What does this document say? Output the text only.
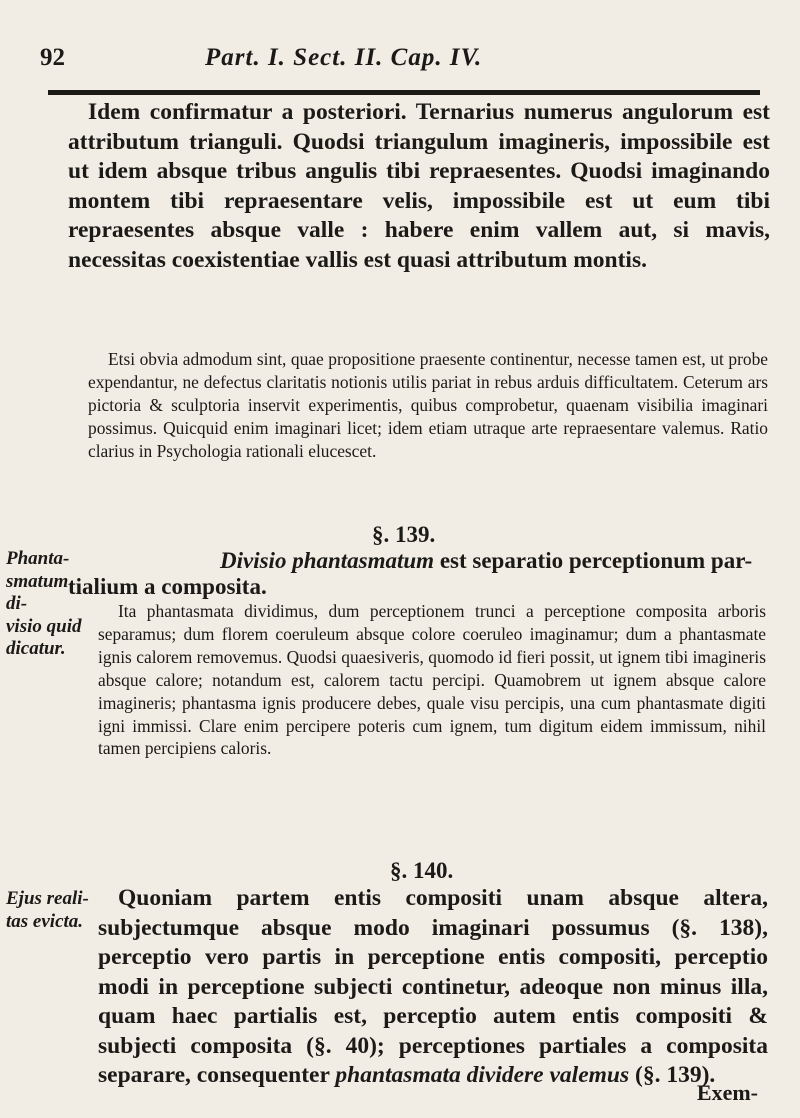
92	Part. I. Sect. II. Cap. IV.

Idem confirmatur a posteriori. Ternarius numerus angulorum est attributum trianguli. Quodsi triangulum imagineris, impossibile est ut idem absque tribus angulis tibi repraesentes. Quodsi imaginando montem tibi repraesentare velis, impossibile est ut eum tibi repraesentes absque valle : habere enim vallem aut, si mavis, necessitas coexistentiae vallis est quasi attributum montis.

Etsi obvia admodum sint, quae propositione praesente continentur, necesse tamen est, ut probe expendantur, ne defectus claritatis notionis utilis pariat in rebus arduis difficultatem. Ceterum ars pictoria & sculptoria inservit experimentis, quibus comprobetur, quaenam visibilia imaginari possimus. Quicquid enim imaginari licet; idem etiam utraque arte repraesentare valemus. Ratio clarius in Psychologia rationali elucescet.

§. 139.
Phanta-
smatum di-
visio quid
dicatur.
Divisio phantasmatum est separatio perceptionum par-
tialium a composita.

Ita phantasmata dividimus, dum perceptionem trunci a perceptione composita arboris separamus; dum florem coeruleum absque colore coeruleo imaginamur; dum a phantasmate ignis calorem removemus. Quodsi quaesiveris, quomodo id fieri possit, ut ignem tibi imagineris absque calore; notandum est, calorem tactu percipi. Quamobrem ut ignem absque calore imagineris; phantasma ignis producere debes, quale visu percipis, una cum phantasmate digiti igni immissi. Clare enim percipere poteris cum ignem, tum digitum eidem immissum, nihil tamen percipiens caloris.

§. 140.
Ejus reali-
tas evicta.

Quoniam partem entis compositi unam absque altera, subjectumque absque modo imaginari possumus (§. 138), perceptio vero partis in perceptione entis compositi, perceptio modi in perceptione subjecti continetur, adeoque non minus illa, quam haec partialis est, perceptio autem entis compositi & subjecti composita (§. 40); perceptiones partiales a composita separare, consequenter phantasmata dividere valemus (§. 139).

Exem-
